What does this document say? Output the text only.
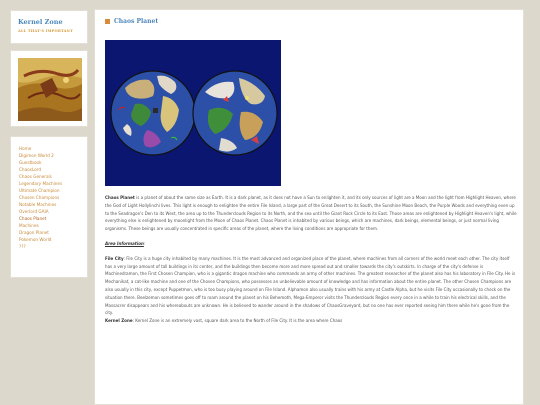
Kernel Zone
ALL THAT'S IMPORTANT
Home
Digimon World 2
Guestbook
ChaosLord
Chaos Generals
Legendary Machines
Ultimate Champion
Chosen Champions
Notable Machines
Overlord GAIA
Chaos Planet
Machines
Dragon Planet
Pokemon World
???
Chaos Planet

Chaos Planet is a planet of about the same size as Earth. It is a dark planet, as it does not have a Sun to enlighten it, and its only sources of light are a Moon and the light from Highlight Heaven, where the God of Light Hollylinchi lives. This light is enough to enlighten the entire File Island, a large part of the Great Desert to its South, the Sunshine Moon Beach, the Purple Woods and everything even up to the Seadragon's Den to its West, the area up to the Thunderclouds Region to its North, and the sea until the Giant Rock Circle to its East. Those areas are enlightened by Highlight Heaven's light, while everything else is enlightened by moonlight from the Moon of Chaos Planet. Chaos Planet is inhabited by various beings, which are machines, dark beings, elemental beings, or just normal living organisms. These beings are usually concentrated in specific areas of the planet, where the living conditions are appropriate for them.

Area Information:

File City: File City is a huge city inhabited by many machines. It is the most advanced and organized place of the planet, where machines from all corners of the world meet each other. The city itself has a very large amount of tall buildings in its center, and the buildings then become more and more spread out and smaller towards the city's outskirts. In charge of the city's defense is Machinedramon, the First Chosen Champion, who is a gigantic dragon machine who commands an army of other machines. The greatest researcher of the planet also has his laboratory in File City. He is Mechanikat, a cat-like machine and one of the Chosen Champions, who possesses an unbelievable amount of knowledge and has information about the entire planet. The other Chosen Champions are also usually in this city, except Puppetmon, who is too busy playing around on File Island. Alphamon also usually trains with his army at Castle Alpha, but he visits File City occasionally to check on the situation there. Beelzemon sometimes goes off to roam around the planet on his Behemoth, Mega-Emperor visits the Thunderclouds Region every once in a while to train his electrical skills, and the Massacrer disappears and his whereabouts are unknown. He is believed to wander around in the shadows of ChaosGraveyard, but no one has ever reported seeing him there while he's gone from the city.
Kernel Zone: Kernel Zone is an extremely vast, square dark area to the North of File City. It is the area where Chaos
